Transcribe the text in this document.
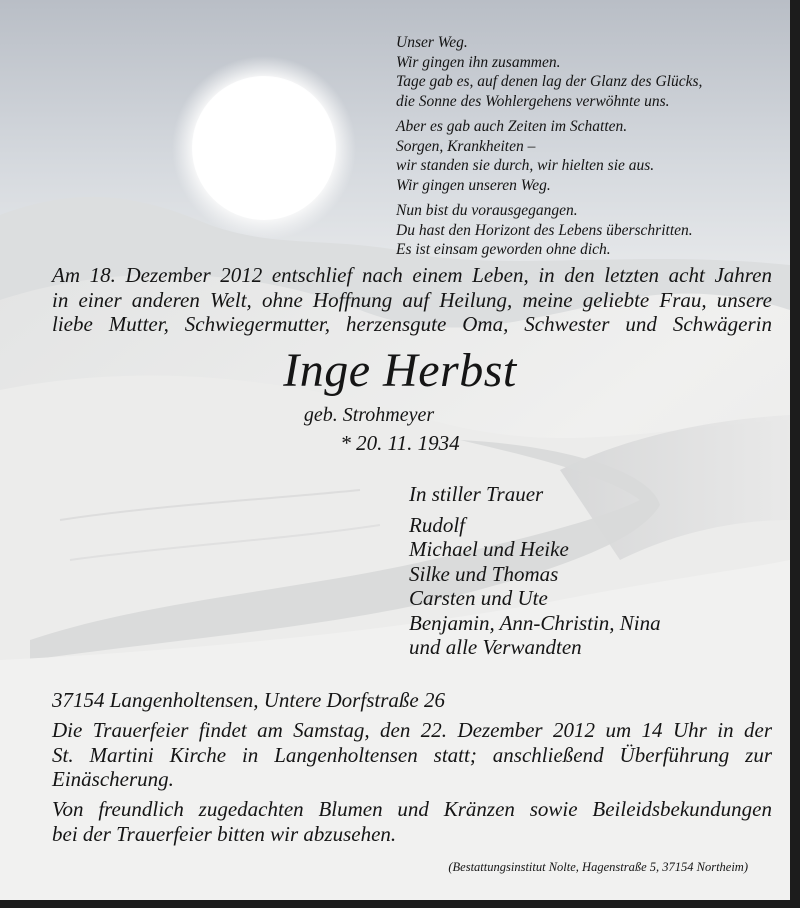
Unser Weg.
Wir gingen ihn zusammen.
Tage gab es, auf denen lag der Glanz des Glücks,
die Sonne des Wohlergehens verwöhnte uns.
Aber es gab auch Zeiten im Schatten.
Sorgen, Krankheiten –
wir standen sie durch, wir hielten sie aus.
Wir gingen unseren Weg.
Nun bist du vorausgegangen.
Du hast den Horizont des Lebens überschritten.
Es ist einsam geworden ohne dich.
Am 18. Dezember 2012 entschlief nach einem Leben, in den letzten acht Jahren
in einer anderen Welt, ohne Hoffnung auf Heilung, meine geliebte Frau, unsere
liebe Mutter, Schwiegermutter, herzensgute Oma, Schwester und Schwägerin
Inge Herbst
geb. Strohmeyer
* 20. 11. 1934
In stiller Trauer
Rudolf
Michael und Heike
Silke und Thomas
Carsten und Ute
Benjamin, Ann-Christin, Nina
und alle Verwandten
37154 Langenholtensen, Untere Dorfstraße 26
Die Trauerfeier findet am Samstag, den 22. Dezember 2012 um 14 Uhr in der
St. Martini Kirche in Langenholtensen statt; anschließend Überführung zur
Einäscherung.
Von freundlich zugedachten Blumen und Kränzen sowie Beileidsbekundungen
bei der Trauerfeier bitten wir abzusehen.
(Bestattungsinstitut Nolte, Hagenstraße 5, 37154 Northeim)
